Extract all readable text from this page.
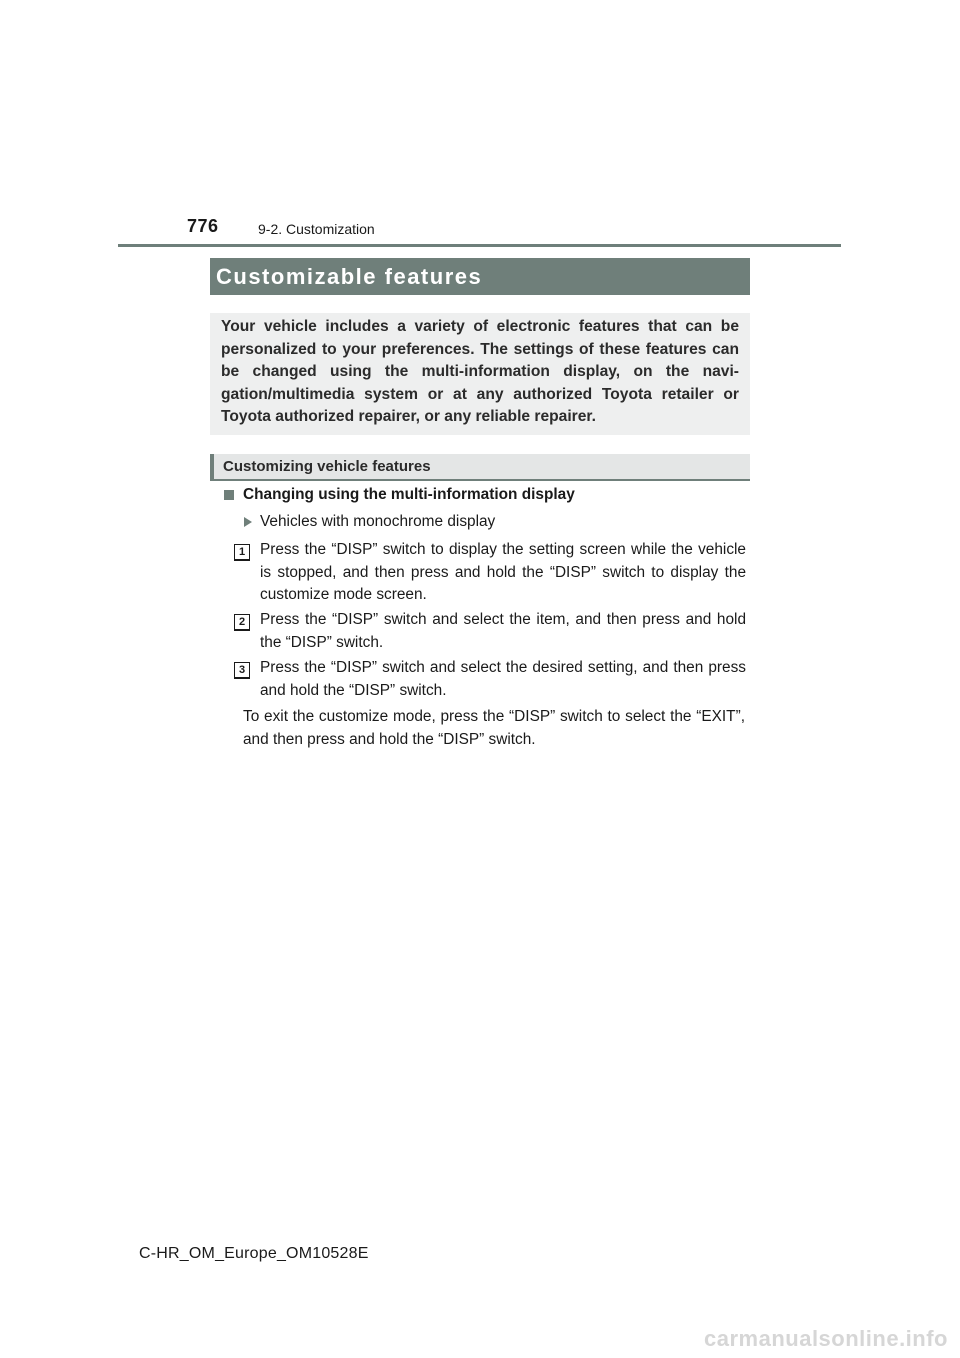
776	9-2. Customization
Customizable features

Your vehicle includes a variety of electronic features that can be personalized to your preferences. The settings of these features can be changed using the multi-information display, on the navi-gation/multimedia system or at any authorized Toyota retailer or Toyota authorized repairer, or any reliable repairer.

Customizing vehicle features
Changing using the multi-information display
Vehicles with monochrome display
1 Press the “DISP” switch to display the setting screen while the vehicle is stopped, and then press and hold the “DISP” switch to display the customize mode screen.

2 Press the “DISP” switch and select the item, and then press and hold the “DISP” switch.

3 Press the “DISP” switch and select the desired setting, and then press and hold the “DISP” switch.

To exit the customize mode, press the “DISP” switch to select the “EXIT”, and then press and hold the “DISP” switch.

C-HR_OM_Europe_OM10528E
carmanualsonline.info
